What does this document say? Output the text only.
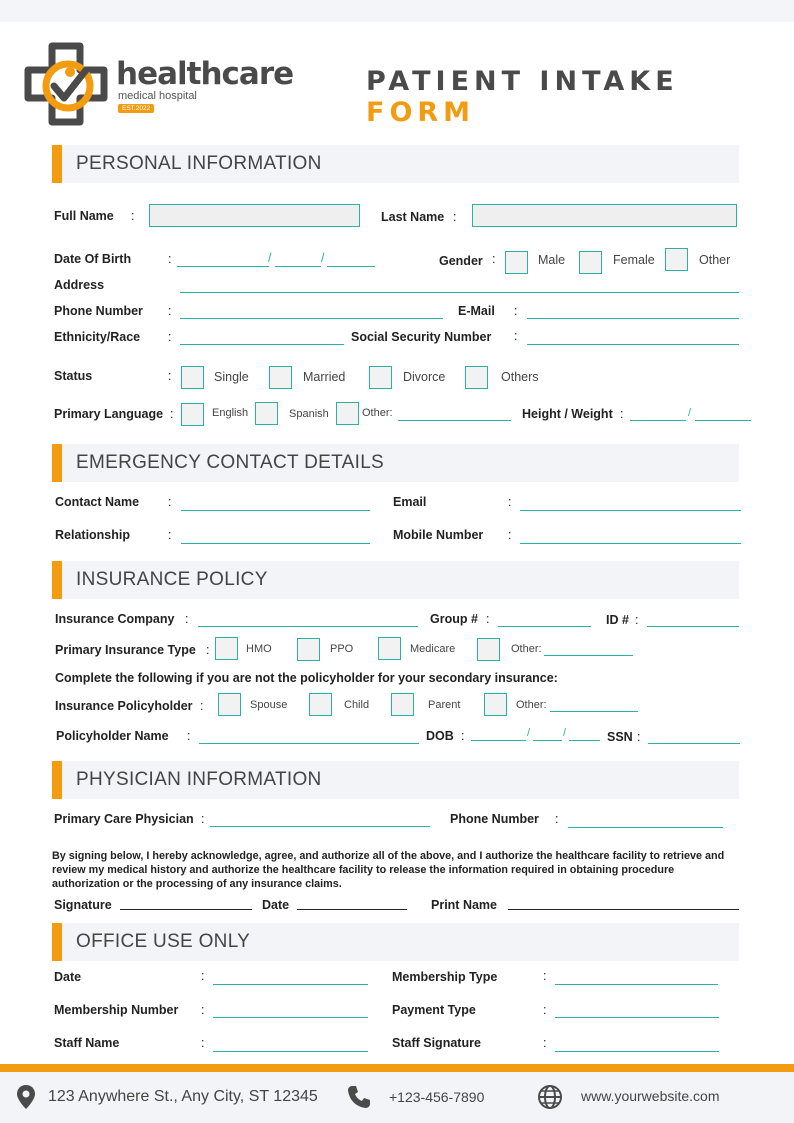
healthcare
medical hospital
EST.2022
PATIENT INTAKE FORM
PERSONAL INFORMATION
Full Name :	Last Name :
Date Of Birth	:	/	/	Gender :	Male	Female	Other
Address
Phone Number :	E-Mail :
Ethnicity/Race :	Social Security Number :
Status	:	Single	Married	Divorce	Others
Primary Language :	English	Spanish	Other:	Height / Weight :	/
EMERGENCY CONTACT DETAILS
Contact Name :	Email	:
Relationship	:	Mobile Number :
INSURANCE POLICY
Insurance Company :	Group # :	ID # :
Primary Insurance Type :	HMO	PPO	Medicare	Other:
Complete the following if you are not the policyholder for your secondary insurance:
Insurance Policyholder :	Spouse	Child	Parent	Other:
Policyholder Name :	DOB :	/	/	SSN :
PHYSICIAN INFORMATION
Primary Care Physician :	Phone Number :
By signing below, I hereby acknowledge, agree, and authorize all of the above, and I authorize the healthcare facility to retrieve and review my medical history and authorize the healthcare facility to release the information required in obtaining procedure authorization or the processing of any insurance claims.
Signature	Date	Print Name
OFFICE USE ONLY
Date	:	Membership Type	:
Membership Number :	Payment Type	:
Staff Name	:	Staff Signature	:
123 Anywhere St., Any City, ST 12345	+123-456-7890	www.yourwebsite.com
